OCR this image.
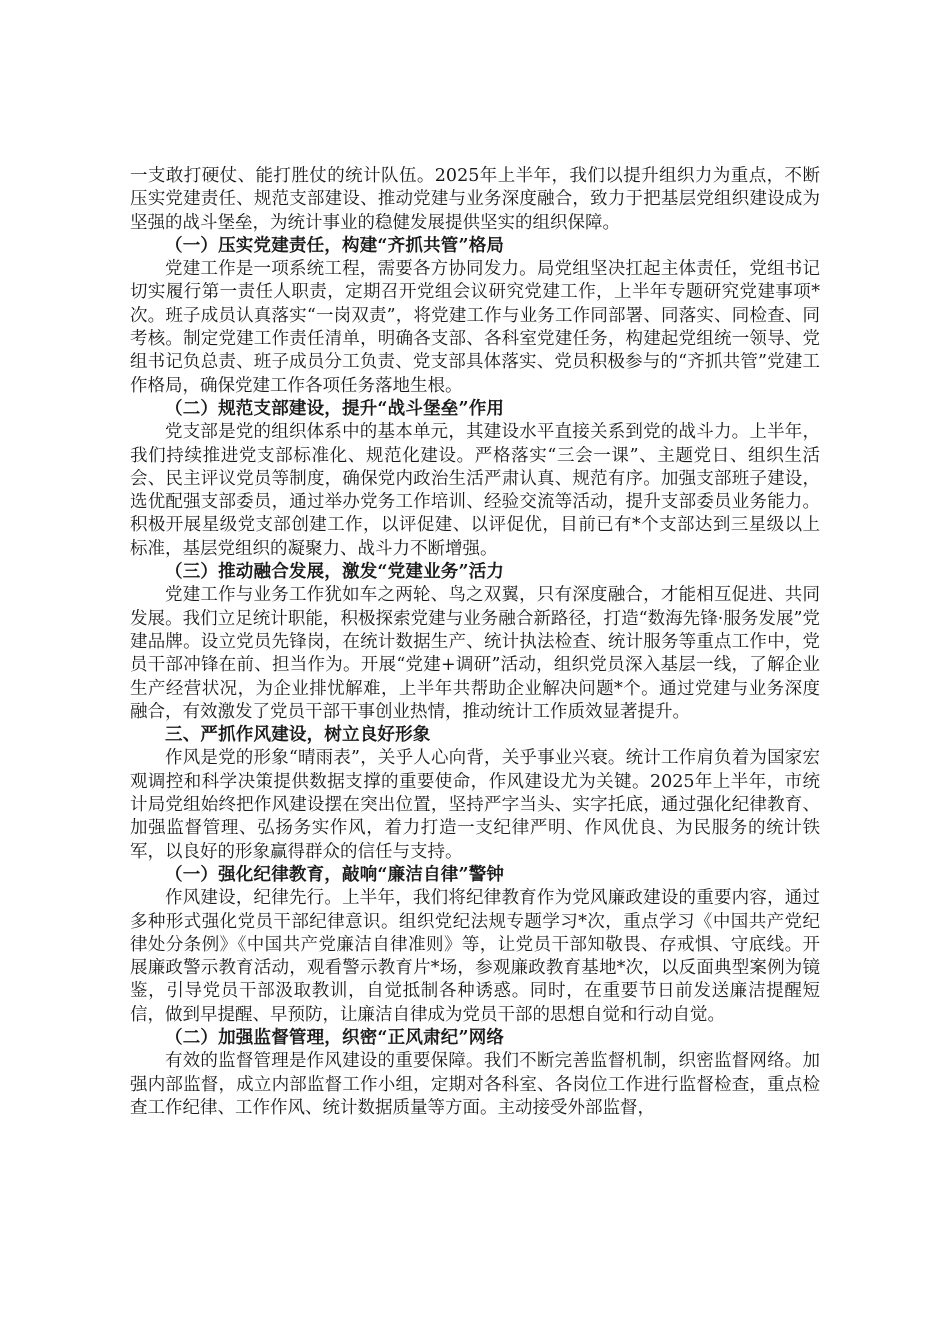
一支敢打硬仗、能打胜仗的统计队伍。2025年上半年，我们以提升组织力为重点，不断压实党建责任、规范支部建设、推动党建与业务深度融合，致力于把基层党组织建设成为坚强的战斗堡垒，为统计事业的稳健发展提供坚实的组织保障。

（一）压实党建责任，构建“齐抓共管”格局

党建工作是一项系统工程，需要各方协同发力。局党组坚决扛起主体责任，党组书记切实履行第一责任人职责，定期召开党组会议研究党建工作，上半年专题研究党建事项*次。班子成员认真落实“一岗双责”，将党建工作与业务工作同部署、同落实、同检查、同考核。制定党建工作责任清单，明确各支部、各科室党建任务，构建起党组统一领导、党组书记负总责、班子成员分工负责、党支部具体落实、党员积极参与的“齐抓共管”党建工作格局，确保党建工作各项任务落地生根。

（二）规范支部建设，提升“战斗堡垒”作用

党支部是党的组织体系中的基本单元，其建设水平直接关系到党的战斗力。上半年，我们持续推进党支部标准化、规范化建设。严格落实“三会一课”、主题党日、组织生活会、民主评议党员等制度，确保党内政治生活严肃认真、规范有序。加强支部班子建设，选优配强支部委员，通过举办党务工作培训、经验交流等活动，提升支部委员业务能力。积极开展星级党支部创建工作，以评促建、以评促优，目前已有*个支部达到三星级以上标准，基层党组织的凝聚力、战斗力不断增强。

（三）推动融合发展，激发“党建业务”活力

党建工作与业务工作犹如车之两轮、鸟之双翼，只有深度融合，才能相互促进、共同发展。我们立足统计职能，积极探索党建与业务融合新路径，打造“数海先锋·服务发展”党建品牌。设立党员先锋岗，在统计数据生产、统计执法检查、统计服务等重点工作中，党员干部冲锋在前、担当作为。开展“党建+调研”活动，组织党员深入基层一线，了解企业生产经营状况，为企业排忧解难，上半年共帮助企业解决问题*个。通过党建与业务深度融合，有效激发了党员干部干事创业热情，推动统计工作质效显著提升。

三、严抓作风建设，树立良好形象

作风是党的形象“晴雨表”，关乎人心向背，关乎事业兴衰。统计工作肩负着为国家宏观调控和科学决策提供数据支撑的重要使命，作风建设尤为关键。2025年上半年，市统计局党组始终把作风建设摆在突出位置，坚持严字当头、实字托底，通过强化纪律教育、加强监督管理、弘扬务实作风，着力打造一支纪律严明、作风优良、为民服务的统计铁军，以良好的形象赢得群众的信任与支持。

（一）强化纪律教育，敲响“廉洁自律”警钟

作风建设，纪律先行。上半年，我们将纪律教育作为党风廉政建设的重要内容，通过多种形式强化党员干部纪律意识。组织党纪法规专题学习*次，重点学习《中国共产党纪律处分条例》《中国共产党廉洁自律准则》等，让党员干部知敬畏、存戒惧、守底线。开展廉政警示教育活动，观看警示教育片*场，参观廉政教育基地*次，以反面典型案例为镜鉴，引导党员干部汲取教训，自觉抵制各种诱惑。同时，在重要节日前发送廉洁提醒短信，做到早提醒、早预防，让廉洁自律成为党员干部的思想自觉和行动自觉。

（二）加强监督管理，织密“正风肃纪”网络

有效的监督管理是作风建设的重要保障。我们不断完善监督机制，织密监督网络。加强内部监督，成立内部监督工作小组，定期对各科室、各岗位工作进行监督检查，重点检查工作纪律、工作作风、统计数据质量等方面。主动接受外部监督，
